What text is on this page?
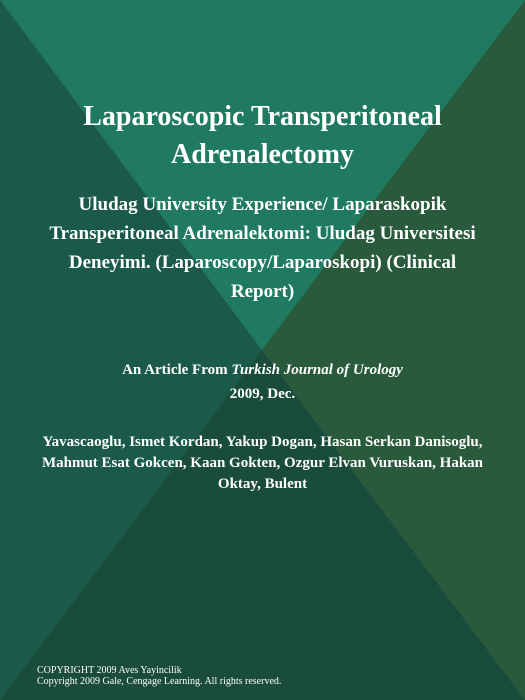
Laparoscopic Transperitoneal Adrenalectomy
Uludag University Experience/ Laparaskopik Transperitoneal Adrenalektomi: Uludag Universitesi Deneyimi. (Laparoscopy/Laparoskopi) (Clinical Report)
An Article From Turkish Journal of Urology
2009, Dec.
Yavascaoglu, Ismet Kordan, Yakup Dogan, Hasan Serkan Danisoglu, Mahmut Esat Gokcen, Kaan Gokten, Ozgur Elvan Vuruskan, Hakan Oktay, Bulent
COPYRIGHT 2009 Aves Yayincilik
Copyright 2009 Gale, Cengage Learning. All rights reserved.
